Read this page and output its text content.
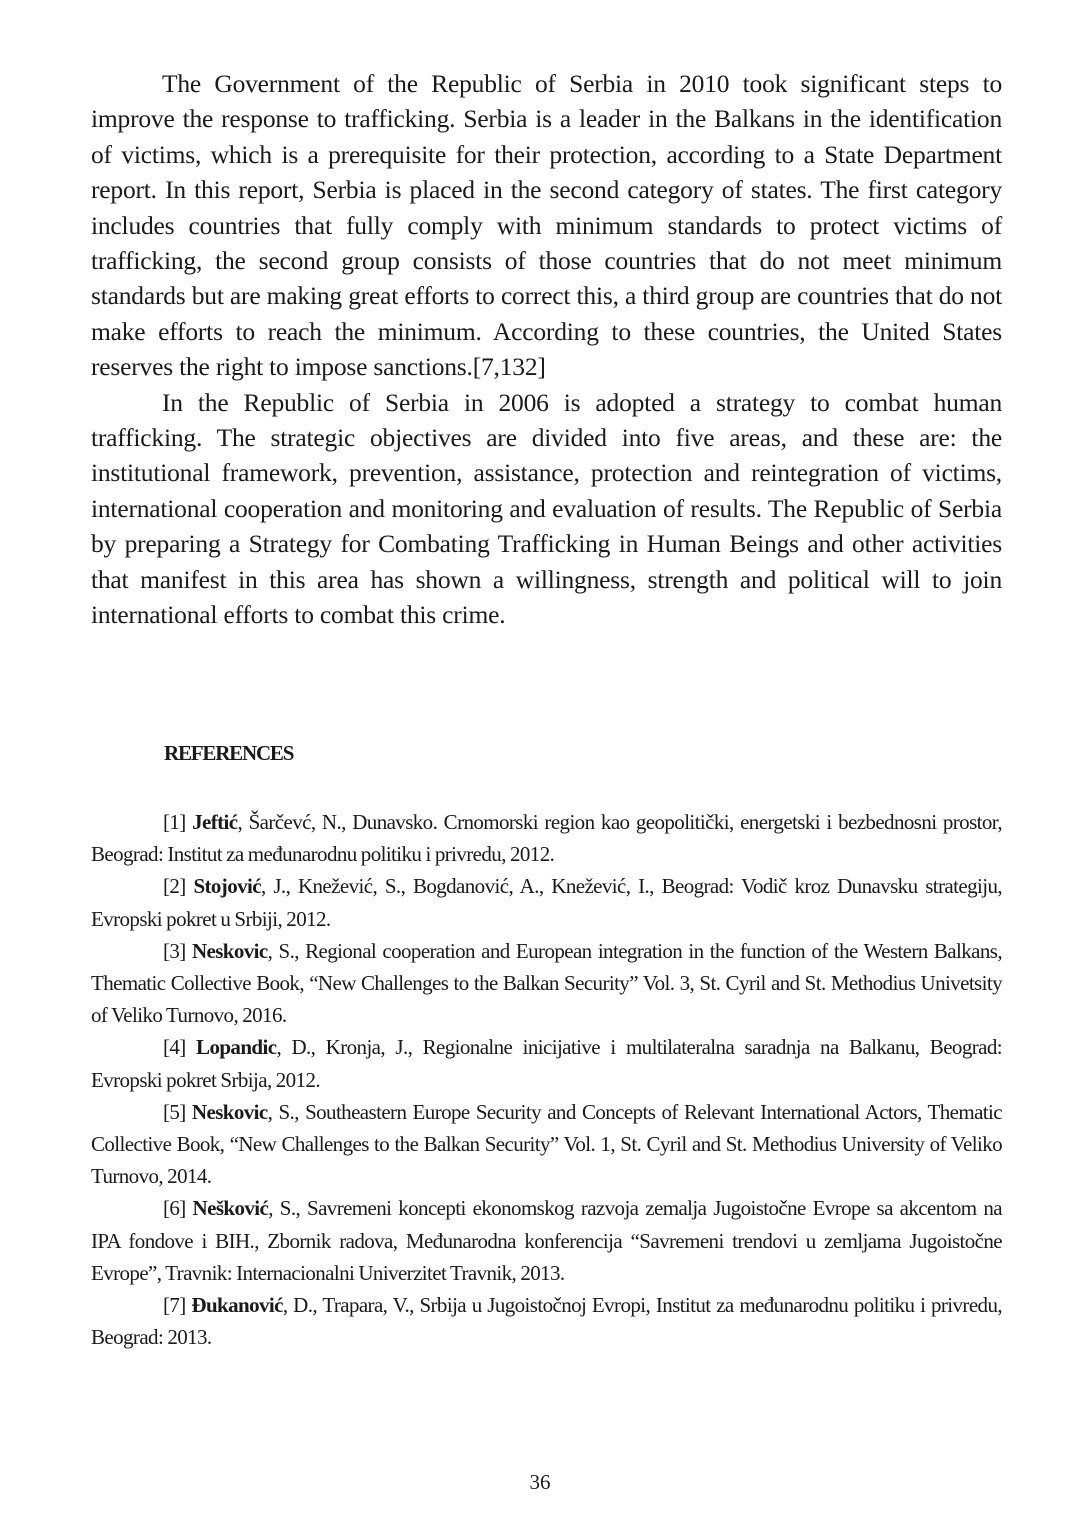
The Government of the Republic of Serbia in 2010 took significant steps to improve the response to trafficking. Serbia is a leader in the Balkans in the identification of victims, which is a prerequisite for their protection, according to a State Department report. In this report, Serbia is placed in the second category of states. The first category includes countries that fully comply with minimum standards to protect victims of trafficking, the second group consists of those countries that do not meet minimum standards but are making great efforts to correct this, a third group are countries that do not make efforts to reach the minimum. According to these countries, the United States reserves the right to impose sanctions.[7,132]

In the Republic of Serbia in 2006 is adopted a strategy to combat human trafficking. The strategic objectives are divided into five areas, and these are: the institutional framework, prevention, assistance, protection and reintegration of victims, international cooperation and monitoring and evaluation of results. The Republic of Serbia by preparing a Strategy for Combating Trafficking in Human Beings and other activities that manifest in this area has shown a willingness, strength and political will to join international efforts to combat this crime.

REFERENCES

[1] Jeftić, Šarčevć, N., Dunavsko. Crnomorski region kao geopolitički, energetski i bezbednosni prostor, Beograd: Institut za međunarodnu politiku i privredu, 2012.

[2] Stojović, J., Knežević, S., Bogdanović, A., Knežević, I., Beograd: Vodič kroz Dunavsku strategiju, Evropski pokret u Srbiji, 2012.

[3] Neskovic, S., Regional cooperation and European integration in the function of the Western Balkans, Thematic Collective Book, “New Challenges to the Balkan Security” Vol. 3, St. Cyril and St. Methodius Univetsity of Veliko Turnovo, 2016.

[4] Lopandic, D., Kronja, J., Regionalne inicijative i multilateralna saradnja na Balkanu, Beograd: Evropski pokret Srbija, 2012.

[5] Neskovic, S., Southeastern Europe Security and Concepts of Relevant International Actors, Thematic Collective Book, “New Challenges to the Balkan Security” Vol. 1, St. Cyril and St. Methodius University of Veliko Turnovo, 2014.

[6] Nešković, S., Savremeni koncepti ekonomskog razvoja zemalja Jugoistočne Evrope sa akcentom na IPA fondove i BIH., Zbornik radova, Međunarodna konferencija “Savremeni trendovi u zemljama Jugoistočne Evrope”, Travnik: Internacionalni Univerzitet Travnik, 2013.

[7] Đukanović, D., Trapara, V., Srbija u Jugoistočnoj Evropi, Institut za međunarodnu politiku i privredu, Beograd: 2013.

36
